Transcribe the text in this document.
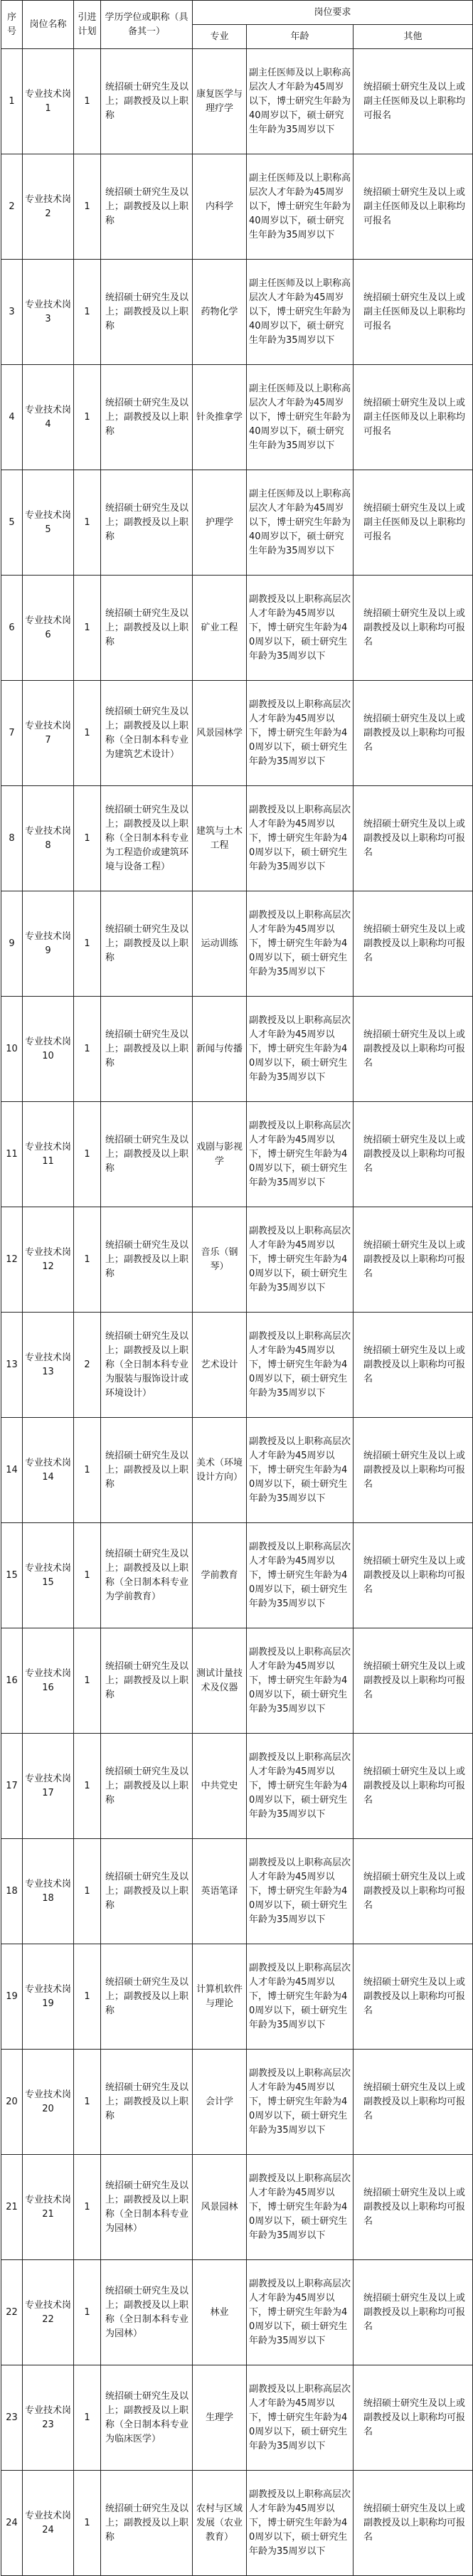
序号	岗位名称	引进计划	学历学位或职称（具备其一）	岗位要求		
				专业	年龄	其他
1	专业技术岗1	1	统招硕士研究生及以上；副教授及以上职称	康复医学与理疗学	副主任医师及以上职称高层次人才年龄为45周岁以下，博士研究生年龄为40周岁以下，硕士研究生年龄为35周岁以下	统招硕士研究生及以上或副主任医师及以上职称均可报名
2	专业技术岗2	1	统招硕士研究生及以上；副教授及以上职称	内科学	副主任医师及以上职称高层次人才年龄为45周岁以下，博士研究生年龄为40周岁以下，硕士研究生年龄为35周岁以下	统招硕士研究生及以上或副主任医师及以上职称均可报名
3	专业技术岗3	1	统招硕士研究生及以上；副教授及以上职称	药物化学	副主任医师及以上职称高层次人才年龄为45周岁以下，博士研究生年龄为40周岁以下，硕士研究生年龄为35周岁以下	统招硕士研究生及以上或副主任医师及以上职称均可报名
4	专业技术岗4	1	统招硕士研究生及以上；副教授及以上职称	针灸推拿学	副主任医师及以上职称高层次人才年龄为45周岁以下，博士研究生年龄为40周岁以下，硕士研究生年龄为35周岁以下	统招硕士研究生及以上或副主任医师及以上职称均可报名
5	专业技术岗5	1	统招硕士研究生及以上；副教授及以上职称	护理学	副主任医师及以上职称高层次人才年龄为45周岁以下，博士研究生年龄为40周岁以下，硕士研究生年龄为35周岁以下	统招硕士研究生及以上或副主任医师及以上职称均可报名
6	专业技术岗6	1	统招硕士研究生及以上；副教授及以上职称	矿业工程	副教授及以上职称高层次人才年龄为45周岁以下，博士研究生年龄为40周岁以下，硕士研究生年龄为35周岁以下	统招硕士研究生及以上或副教授及以上职称均可报名
7	专业技术岗7	1	统招硕士研究生及以上；副教授及以上职称（全日制本科专业为建筑艺术设计）	风景园林学	副教授及以上职称高层次人才年龄为45周岁以下，博士研究生年龄为40周岁以下，硕士研究生年龄为35周岁以下	统招硕士研究生及以上或副教授及以上职称均可报名
8	专业技术岗8	1	统招硕士研究生及以上；副教授及以上职称（全日制本科专业为工程造价或建筑环境与设备工程）	建筑与土木工程	副教授及以上职称高层次人才年龄为45周岁以下，博士研究生年龄为40周岁以下，硕士研究生年龄为35周岁以下	统招硕士研究生及以上或副教授及以上职称均可报名
9	专业技术岗9	1	统招硕士研究生及以上；副教授及以上职称	运动训练	副教授及以上职称高层次人才年龄为45周岁以下，博士研究生年龄为40周岁以下，硕士研究生年龄为35周岁以下	统招硕士研究生及以上或副教授及以上职称均可报名
10	专业技术岗10	1	统招硕士研究生及以上；副教授及以上职称	新闻与传播	副教授及以上职称高层次人才年龄为45周岁以下，博士研究生年龄为40周岁以下，硕士研究生年龄为35周岁以下	统招硕士研究生及以上或副教授及以上职称均可报名
11	专业技术岗11	1	统招硕士研究生及以上；副教授及以上职称	戏剧与影视学	副教授及以上职称高层次人才年龄为45周岁以下，博士研究生年龄为40周岁以下，硕士研究生年龄为35周岁以下	统招硕士研究生及以上或副教授及以上职称均可报名
12	专业技术岗12	1	统招硕士研究生及以上；副教授及以上职称	音乐（钢琴）	副教授及以上职称高层次人才年龄为45周岁以下，博士研究生年龄为40周岁以下，硕士研究生年龄为35周岁以下	统招硕士研究生及以上或副教授及以上职称均可报名
13	专业技术岗13	2	统招硕士研究生及以上；副教授及以上职称（全日制本科专业为服装与服饰设计或环境设计）	艺术设计	副教授及以上职称高层次人才年龄为45周岁以下，博士研究生年龄为40周岁以下，硕士研究生年龄为35周岁以下	统招硕士研究生及以上或副教授及以上职称均可报名
14	专业技术岗14	1	统招硕士研究生及以上；副教授及以上职称	美术（环境设计方向）	副教授及以上职称高层次人才年龄为45周岁以下，博士研究生年龄为40周岁以下，硕士研究生年龄为35周岁以下	统招硕士研究生及以上或副教授及以上职称均可报名
15	专业技术岗15	1	统招硕士研究生及以上；副教授及以上职称（全日制本科专业为学前教育）	学前教育	副教授及以上职称高层次人才年龄为45周岁以下，博士研究生年龄为40周岁以下，硕士研究生年龄为35周岁以下	统招硕士研究生及以上或副教授及以上职称均可报名
16	专业技术岗16	1	统招硕士研究生及以上；副教授及以上职称	测试计量技术及仪器	副教授及以上职称高层次人才年龄为45周岁以下，博士研究生年龄为40周岁以下，硕士研究生年龄为35周岁以下	统招硕士研究生及以上或副教授及以上职称均可报名
17	专业技术岗17	1	统招硕士研究生及以上；副教授及以上职称	中共党史	副教授及以上职称高层次人才年龄为45周岁以下，博士研究生年龄为40周岁以下，硕士研究生年龄为35周岁以下	统招硕士研究生及以上或副教授及以上职称均可报名
18	专业技术岗18	1	统招硕士研究生及以上；副教授及以上职称	英语笔译	副教授及以上职称高层次人才年龄为45周岁以下，博士研究生年龄为40周岁以下，硕士研究生年龄为35周岁以下	统招硕士研究生及以上或副教授及以上职称均可报名
19	专业技术岗19	1	统招硕士研究生及以上；副教授及以上职称	计算机软件与理论	副教授及以上职称高层次人才年龄为45周岁以下，博士研究生年龄为40周岁以下，硕士研究生年龄为35周岁以下	统招硕士研究生及以上或副教授及以上职称均可报名
20	专业技术岗20	1	统招硕士研究生及以上；副教授及以上职称	会计学	副教授及以上职称高层次人才年龄为45周岁以下，博士研究生年龄为40周岁以下，硕士研究生年龄为35周岁以下	统招硕士研究生及以上或副教授及以上职称均可报名
21	专业技术岗21	1	统招硕士研究生及以上；副教授及以上职称（全日制本科专业为园林）	风景园林	副教授及以上职称高层次人才年龄为45周岁以下，博士研究生年龄为40周岁以下，硕士研究生年龄为35周岁以下	统招硕士研究生及以上或副教授及以上职称均可报名
22	专业技术岗22	1	统招硕士研究生及以上；副教授及以上职称（全日制本科专业为园林）	林业	副教授及以上职称高层次人才年龄为45周岁以下，博士研究生年龄为40周岁以下，硕士研究生年龄为35周岁以下	统招硕士研究生及以上或副教授及以上职称均可报名
23	专业技术岗23	1	统招硕士研究生及以上；副教授及以上职称（全日制本科专业为临床医学）	生理学	副教授及以上职称高层次人才年龄为45周岁以下，博士研究生年龄为40周岁以下，硕士研究生年龄为35周岁以下	统招硕士研究生及以上或副教授及以上职称均可报名
24	专业技术岗24	1	统招硕士研究生及以上；副教授及以上职称	农村与区域发展（农业教育）	副教授及以上职称高层次人才年龄为45周岁以下，博士研究生年龄为40周岁以下，硕士研究生年龄为35周岁以下	统招硕士研究生及以上或副教授及以上职称均可报名
